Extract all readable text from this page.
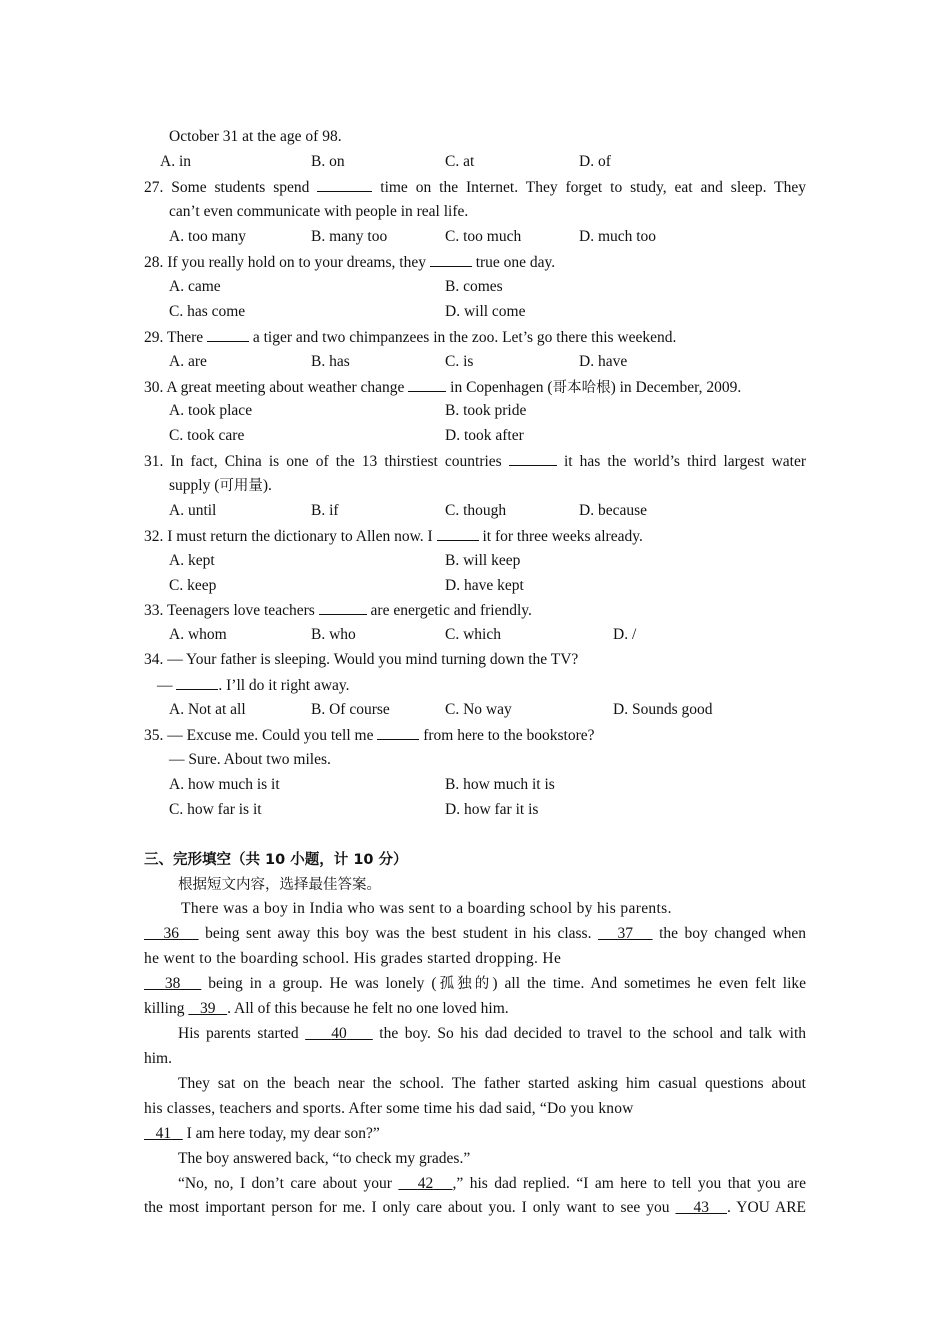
October 31 at the age of 98.
A. in	B. on	C. at	D. of
27. Some students spend	time on the Internet. They forget to study, eat and sleep. They
can’t even communicate with people in real life.
A. too many	B. many too	C. too much	D. much too
28. If you really hold on to your dreams, they	true one day.
A. came	B. comes
C. has come	D. will come
29. There	a tiger and two chimpanzees in the zoo. Let’s go there this weekend.
A. are	B. has	C. is	D. have
30. A great meeting about weather change	in Copenhagen (哥本哈根) in December, 2009.
A. took place	B. took pride
C. took care	D. took after
31. In fact, China is one of the 13 thirstiest countries	it has the world’s third largest water
supply (可用量).
A. until	B. if	C. though	D. because
32. I must return the dictionary to Allen now. I	it for three weeks already.
A. kept	B. will keep
C. keep	D. have kept
33. Teenagers love teachers	are energetic and friendly.
A. whom	B. who	C. which	D. /
34. — Your father is sleeping. Would you mind turning down the TV?
—	. I’ll do it right away.
A. Not at all	B. Of course	C. No way	D. Sounds good
35. — Excuse me. Could you tell me	from here to the bookstore?
— Sure. About two miles.
A. how much is it	B. how much it is
C. how far is it	D. how far it is
三、完形填空（共 10 小题，计 10 分）
根据短文内容，选择最佳答案。
There was a boy in India who was sent to a boarding school by his parents.
36 being sent away this boy was the best student in his class. 37 the boy changed when
he went to the boarding school. His grades started dropping. He
38 being in a group. He was lonely (孤独的) all the time. And sometimes he even felt like
killing 39 . All of this because he felt no one loved him.
His parents started 40 the boy. So his dad decided to travel to the school and talk with
him.
They sat on the beach near the school. The father started asking him casual questions about
his classes, teachers and sports. After some time his dad said, “Do you know
41 I am here today, my dear son?”
The boy answered back, “to check my grades.”
“No, no, I don’t care about your 42 ,” his dad replied. “I am here to tell you that you are
the most important person for me. I only care about you. I only want to see you 43 . YOU ARE
